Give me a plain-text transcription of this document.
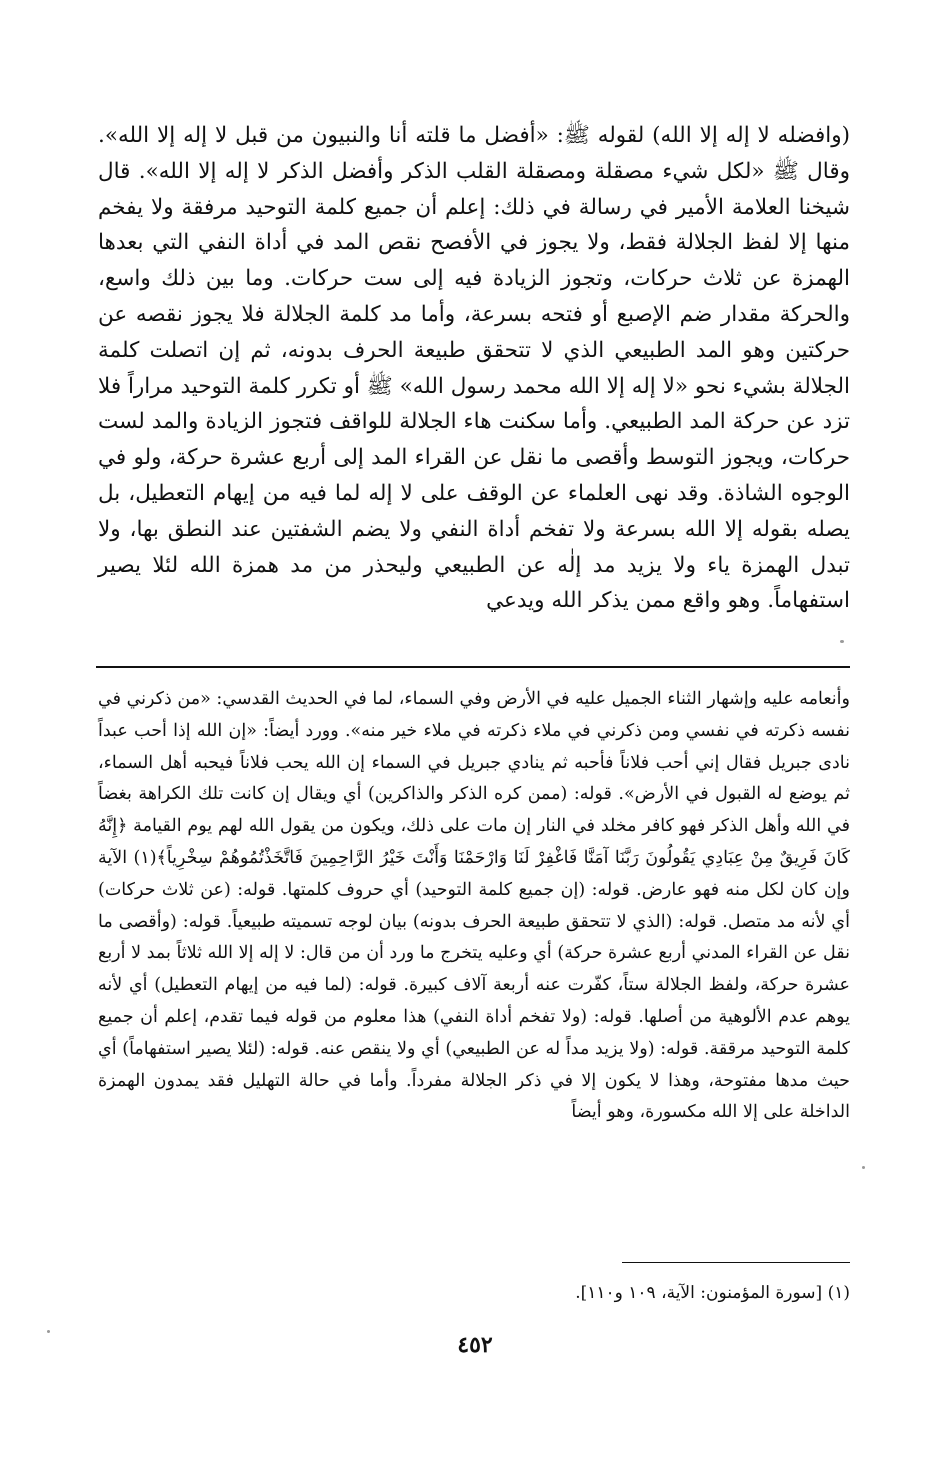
(وافضله لا إله إلا الله) لقوله ﷺ: «أفضل ما قلته أنا والنبيون من قبل لا إله إلا الله». وقال ﷺ «لكل شيء مصقلة ومصقلة القلب الذكر وأفضل الذكر لا إله إلا الله». قال شيخنا العلامة الأمير في رسالة في ذلك: إعلم أن جميع كلمة التوحيد مرفقة ولا يفخم منها إلا لفظ الجلالة فقط، ولا يجوز في الأفصح نقص المد في أداة النفي التي بعدها الهمزة عن ثلاث حركات، وتجوز الزيادة فيه إلى ست حركات. وما بين ذلك واسع، والحركة مقدار ضم الإصبع أو فتحه بسرعة، وأما مد كلمة الجلالة فلا يجوز نقصه عن حركتين وهو المد الطبيعي الذي لا تتحقق طبيعة الحرف بدونه، ثم إن اتصلت كلمة الجلالة بشيء نحو «لا إله إلا الله محمد رسول الله» ﷺ أو تكرر كلمة التوحيد مراراً فلا تزد عن حركة المد الطبيعي. وأما سكنت هاء الجلالة للواقف فتجوز الزيادة والمد لست حركات، ويجوز التوسط وأقصى ما نقل عن القراء المد إلى أربع عشرة حركة، ولو في الوجوه الشاذة. وقد نهى العلماء عن الوقف على لا إله لما فيه من إيهام التعطيل، بل يصله بقوله إلا الله بسرعة ولا تفخم أداة النفي ولا يضم الشفتين عند النطق بها، ولا تبدل الهمزة ياء ولا يزيد مد إلٰه عن الطبيعي وليحذر من مد همزة الله لئلا يصير استفهاماً. وهو واقع ممن يذكر الله ويدعي

وأنعامه عليه وإشهار الثناء الجميل عليه في الأرض وفي السماء، لما في الحديث القدسي: «من ذكرني في نفسه ذكرته في نفسي ومن ذكرني في ملاء ذكرته في ملاء خير منه». وورد أيضاً: «إن الله إذا أحب عبداً نادى جبريل فقال إني أحب فلاناً فأحبه ثم ينادي جبريل في السماء إن الله يحب فلاناً فيحبه أهل السماء، ثم يوضع له القبول في الأرض». قوله: (ممن كره الذكر والذاكرين) أي ويقال إن كانت تلك الكراهة بغضاً في الله وأهل الذكر فهو كافر مخلد في النار إن مات على ذلك، ويكون من يقول الله لهم يوم القيامة ﴿إِنَّهُ كَانَ فَرِيقٌ مِنْ عِبَادِي يَقُولُونَ رَبَّنَا آمَنَّا فَاغْفِرْ لَنَا وَارْحَمْنَا وَأَنْتَ خَيْرُ الرَّاحِمِينَ فَاتَّخَذْتُمُوهُمْ سِخْرِياً﴾(١) الآية وإن كان لكل منه فهو عارض. قوله: (إن جميع كلمة التوحيد) أي حروف كلمتها. قوله: (عن ثلاث حركات) أي لأنه مد متصل. قوله: (الذي لا تتحقق طبيعة الحرف بدونه) بيان لوجه تسميته طبيعياً. قوله: (وأقصى ما نقل عن القراء المدني أربع عشرة حركة) أي وعليه يتخرج ما ورد أن من قال: لا إله إلا الله ثلاثاً بمد لا أربع عشرة حركة، ولفظ الجلالة ستاً، كفّرت عنه أربعة آلاف كبيرة. قوله: (لما فيه من إيهام التعطيل) أي لأنه يوهم عدم الألوهية من أصلها. قوله: (ولا تفخم أداة النفي) هذا معلوم من قوله فيما تقدم، إعلم أن جميع كلمة التوحيد مرققة. قوله: (ولا يزيد مداً له عن الطبيعي) أي ولا ينقص عنه. قوله: (لئلا يصير استفهاماً) أي حيث مدها مفتوحة، وهذا لا يكون إلا في ذكر الجلالة مفرداً. وأما في حالة التهليل فقد يمدون الهمزة الداخلة على إلا الله مكسورة، وهو أيضاً

(١) [سورة المؤمنون: الآية، ١٠٩ و١١٠].

٤٥٢
